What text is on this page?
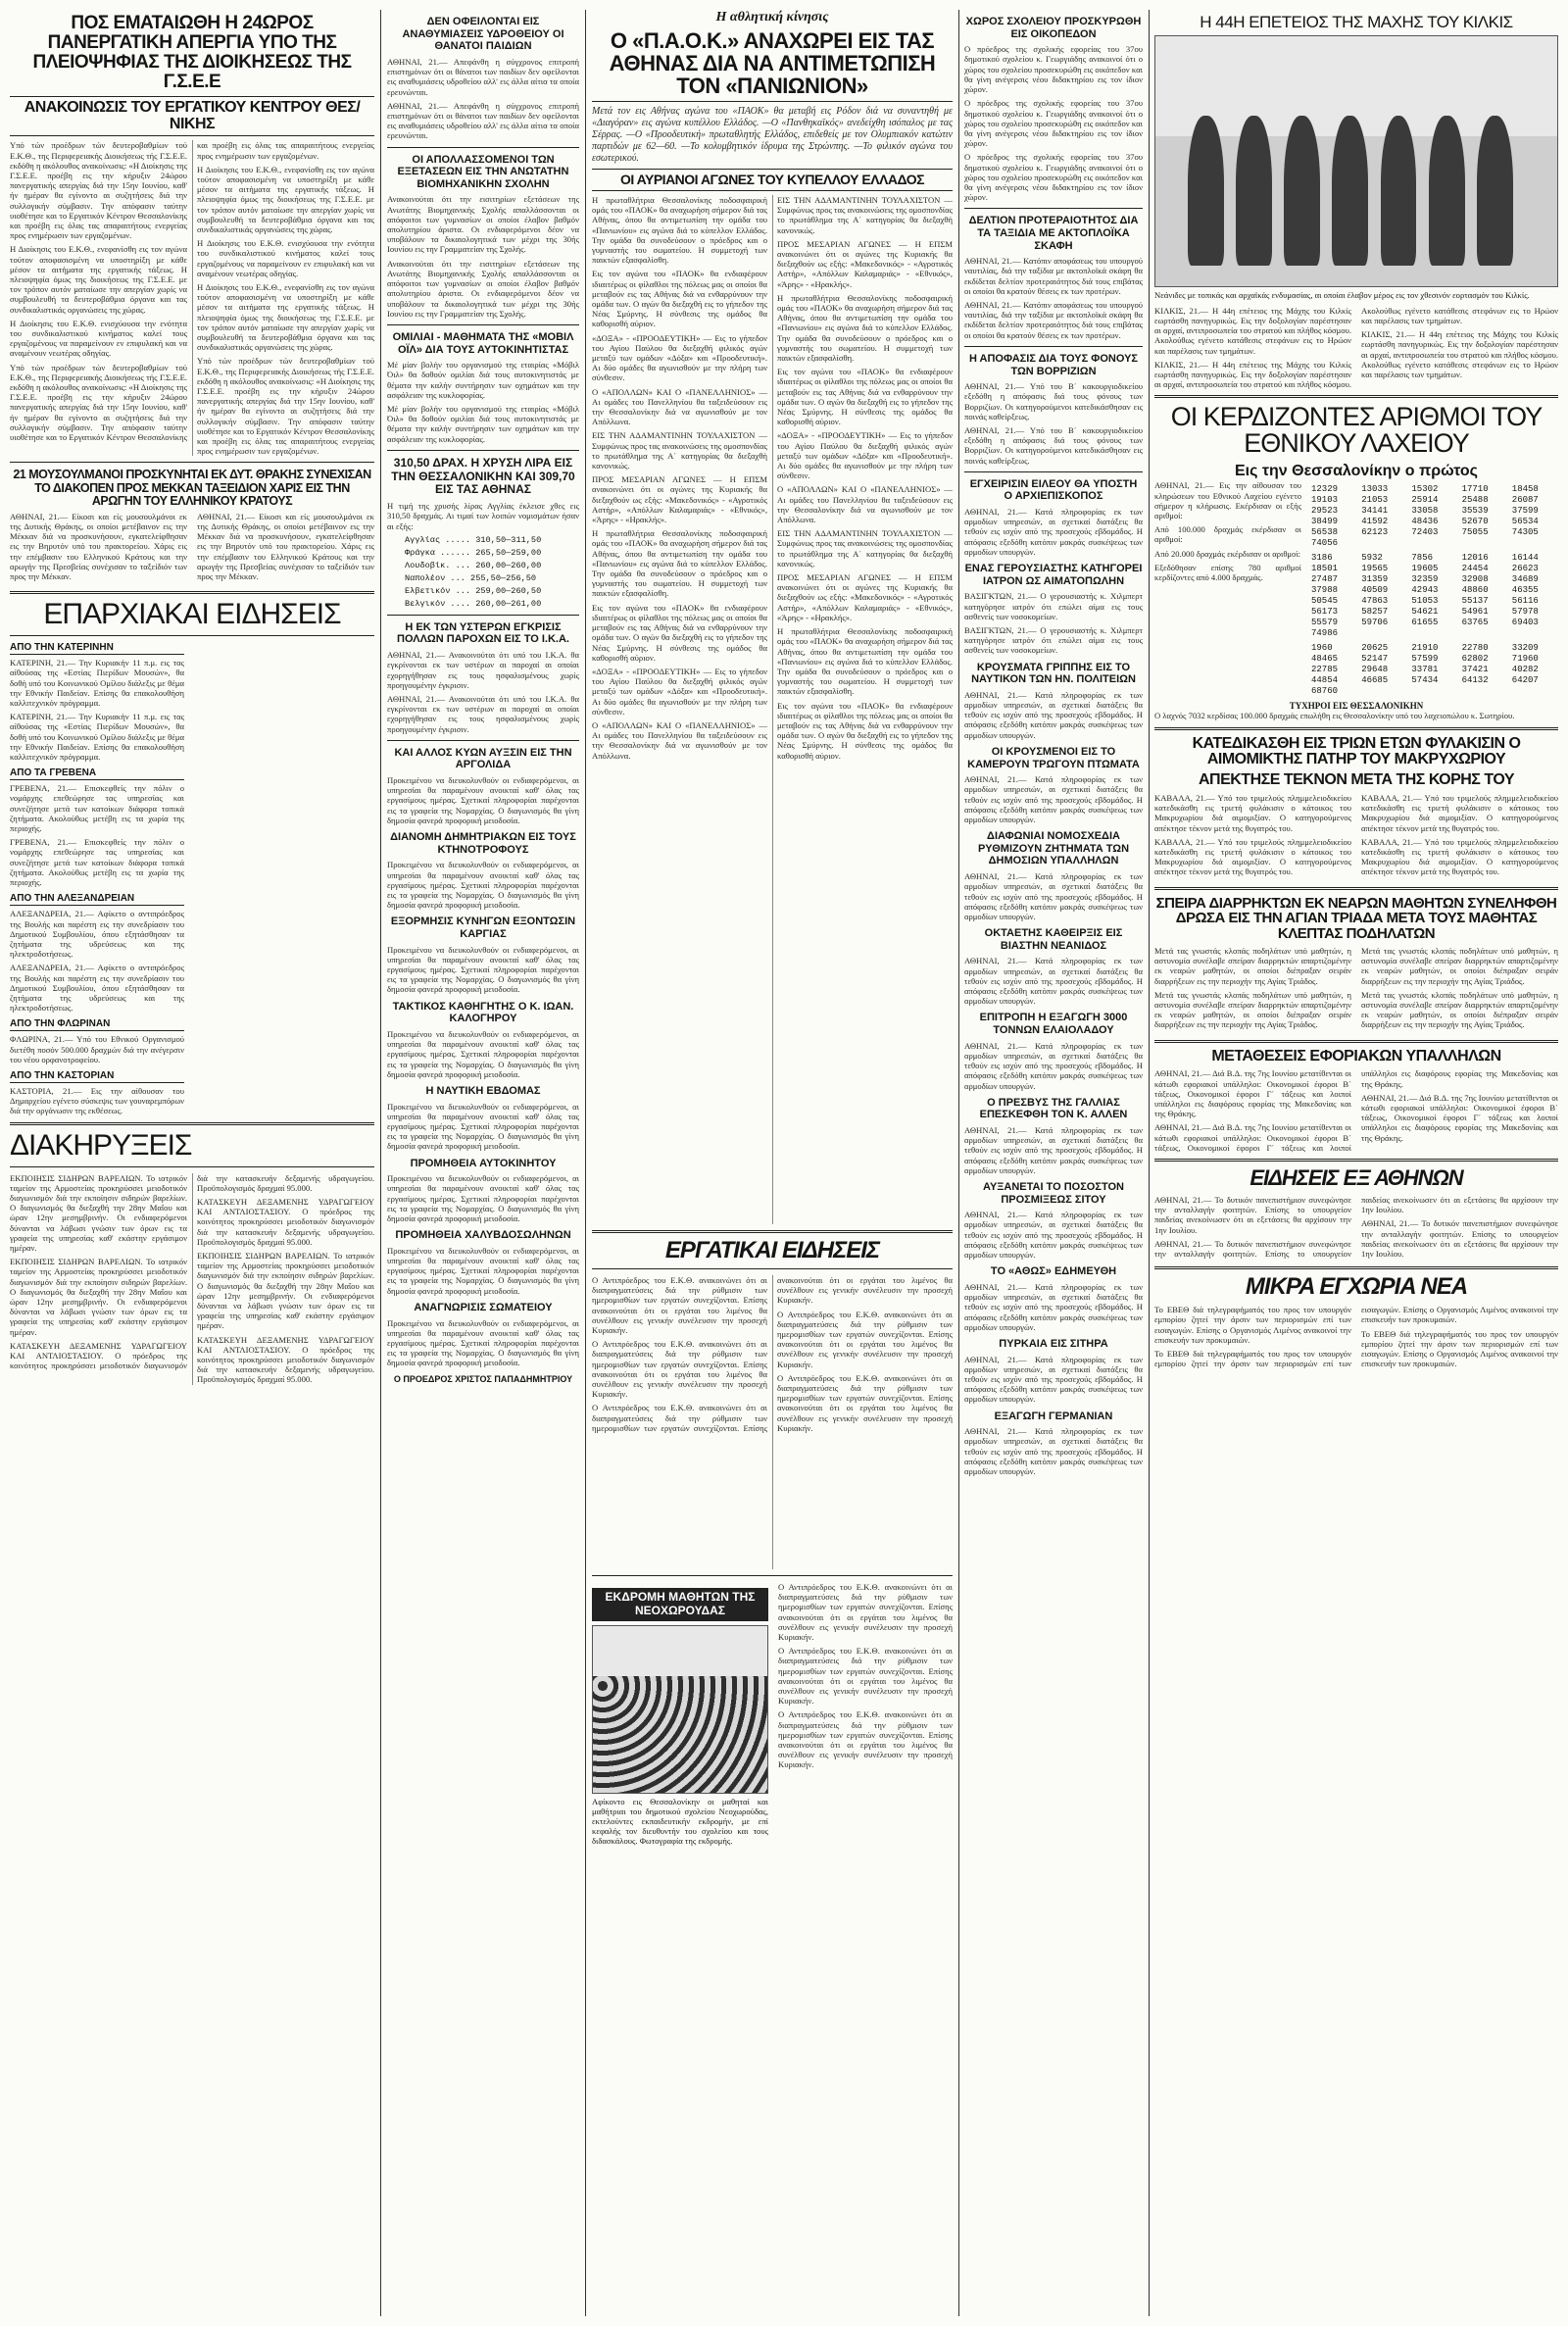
ΠΟΣ ΕΜΑΤΑΙΩΘΗ Η 24ΩΡΟΣ ΠΑΝΕΡΓΑΤΙΚΗ ΑΠΕΡΓΙΑ ΥΠΟ ΤΗΣ ΠΛΕΙΟΨΗΦΙΑΣ ΤΗΣ ΔΙΟΙΚΗΣΕΩΣ ΤΗΣ Γ.Σ.Ε.Ε
ΑΝΑΚΟΙΝΩΣΙΣ ΤΟΥ ΕΡΓΑΤΙΚΟΥ ΚΕΝΤΡΟΥ ΘΕΣ/ΝΙΚΗΣ

Υπό τών προέδρων τών δευτεροβαθμίων τού Ε.Κ.Θ., της Περιφερειακής Διοικήσεως τής Γ.Σ.Ε.Ε. εκδόθη η ακόλουθος ανακοίνωσις: «Η Διοίκησις της Γ.Σ.Ε.Ε. προέβη εις την κήρυξιν 24ώρου πανεργατικής απεργίας διά την 15ην Ιουνίου, καθ' ήν ημέραν θα εγίνοντο αι συζητήσεις διά την συλλογικήν σύμβασιν. Την απόφασιν ταύτην υιοθέτησε και το Εργατικόν Κέντρον Θεσσαλονίκης και προέβη εις όλας τας απαραιτήτους ενεργείας προς ενημέρωσιν των εργαζομένων.

Η Διοίκησις του Ε.Κ.Θ., ενεφανίσθη εις τον αγώνα τούτον αποφασισμένη να υποστηρίξη με κάθε μέσον τα αιτήματα της εργατικής τάξεως. Η πλειοψηφία όμως της διοικήσεως της Γ.Σ.Ε.Ε. με τον τρόπον αυτόν ματαίωσε την απεργίαν χωρίς να συμβουλευθή τα δευτεροβάθμια όργανα και τας συνδικαλιστικάς οργανώσεις της χώρας.

Η Διοίκησις του Ε.Κ.Θ. ενισχύουσα την ενότητα του συνδικαλιστικού κινήματος καλεί τους εργαζομένους να παραμείνουν εν επιφυλακή και να αναμένουν νεωτέρας οδηγίας.

Υπό τών προέδρων τών δευτεροβαθμίων τού Ε.Κ.Θ., της Περιφερειακής Διοικήσεως τής Γ.Σ.Ε.Ε. εκδόθη η ακόλουθος ανακοίνωσις: «Η Διοίκησις της Γ.Σ.Ε.Ε. προέβη εις την κήρυξιν 24ώρου πανεργατικής απεργίας διά την 15ην Ιουνίου, καθ' ήν ημέραν θα εγίνοντο αι συζητήσεις διά την συλλογικήν σύμβασιν. Την απόφασιν ταύτην υιοθέτησε και το Εργατικόν Κέντρον Θεσσαλονίκης και προέβη εις όλας τας απαραιτήτους ενεργείας προς ενημέρωσιν των εργαζομένων.

Η Διοίκησις του Ε.Κ.Θ., ενεφανίσθη εις τον αγώνα τούτον αποφασισμένη να υποστηρίξη με κάθε μέσον τα αιτήματα της εργατικής τάξεως. Η πλειοψηφία όμως της διοικήσεως της Γ.Σ.Ε.Ε. με τον τρόπον αυτόν ματαίωσε την απεργίαν χωρίς να συμβουλευθή τα δευτεροβάθμια όργανα και τας συνδικαλιστικάς οργανώσεις της χώρας.

Η Διοίκησις του Ε.Κ.Θ. ενισχύουσα την ενότητα του συνδικαλιστικού κινήματος καλεί τους εργαζομένους να παραμείνουν εν επιφυλακή και να αναμένουν νεωτέρας οδηγίας.

Η Διοίκησις του Ε.Κ.Θ., ενεφανίσθη εις τον αγώνα τούτον αποφασισμένη να υποστηρίξη με κάθε μέσον τα αιτήματα της εργατικής τάξεως. Η πλειοψηφία όμως της διοικήσεως της Γ.Σ.Ε.Ε. με τον τρόπον αυτόν ματαίωσε την απεργίαν χωρίς να συμβουλευθή τα δευτεροβάθμια όργανα και τας συνδικαλιστικάς οργανώσεις της χώρας.

Υπό τών προέδρων τών δευτεροβαθμίων τού Ε.Κ.Θ., της Περιφερειακής Διοικήσεως τής Γ.Σ.Ε.Ε. εκδόθη η ακόλουθος ανακοίνωσις: «Η Διοίκησις της Γ.Σ.Ε.Ε. προέβη εις την κήρυξιν 24ώρου πανεργατικής απεργίας διά την 15ην Ιουνίου, καθ' ήν ημέραν θα εγίνοντο αι συζητήσεις διά την συλλογικήν σύμβασιν. Την απόφασιν ταύτην υιοθέτησε και το Εργατικόν Κέντρον Θεσσαλονίκης και προέβη εις όλας τας απαραιτήτους ενεργείας προς ενημέρωσιν των εργαζομένων.

21 ΜΟΥΣΟΥΛΜΑΝΟΙ ΠΡΟΣΚΥΝΗΤΑΙ ΕΚ ΔΥΤ. ΘΡΑΚΗΣ ΣΥΝΕΧΙΣΑΝ ΤΟ ΔΙΑΚΟΠΕΝ ΠΡΟΣ ΜΕΚΚΑΝ ΤΑΞΕΙΔΙΟΝ ΧΑΡΙΣ ΕΙΣ ΤΗΝ ΑΡΩΓΗΝ ΤΟΥ ΕΛΛΗΝΙΚΟΥ ΚΡΑΤΟΥΣ

ΑΘΗΝΑΙ, 21.— Είκοσι και είς μουσουλμάνοι εκ της Δυτικής Θράκης, οι οποίοι μετέβαινον εις την Μέκκαν διά να προσκυνήσουν, εγκατελείφθησαν εις την Βηρυτόν υπό του πρακτορείου. Χάρις εις την επέμβασιν του Ελληνικού Κράτους και την αρωγήν της Πρεσβείας συνέχισαν το ταξείδιόν των προς την Μέκκαν.

ΑΘΗΝΑΙ, 21.— Είκοσι και είς μουσουλμάνοι εκ της Δυτικής Θράκης, οι οποίοι μετέβαινον εις την Μέκκαν διά να προσκυνήσουν, εγκατελείφθησαν εις την Βηρυτόν υπό του πρακτορείου. Χάρις εις την επέμβασιν του Ελληνικού Κράτους και την αρωγήν της Πρεσβείας συνέχισαν το ταξείδιόν των προς την Μέκκαν.

ΕΠΑΡΧΙΑΚΑΙ ΕΙΔΗΣΕΙΣ
ΑΠΟ ΤΗΝ ΚΑΤΕΡΙΝΗΝ

ΚΑΤΕΡΙΝΗ, 21.— Την Κυριακήν 11 π.μ. εις τας αίθούσας της «Εστίας Πιερίδων Μουσών», θα δοθή υπό του Κοινωνικού Ομίλου διάλεξις με θέμα την Εθνικήν Παιδείαν. Επίσης θα επακολουθήση καλλιτεχνικόν πρόγραμμα.

ΚΑΤΕΡΙΝΗ, 21.— Την Κυριακήν 11 π.μ. εις τας αίθούσας της «Εστίας Πιερίδων Μουσών», θα δοθή υπό του Κοινωνικού Ομίλου διάλεξις με θέμα την Εθνικήν Παιδείαν. Επίσης θα επακολουθήση καλλιτεχνικόν πρόγραμμα.

ΑΠΟ ΤΑ ΓΡΕΒΕΝΑ

ΓΡΕΒΕΝΑ, 21.— Επισκεφθείς την πόλιν ο νομάρχης επεθεώρησε τας υπηρεσίας και συνεζήτησε μετά των κατοίκων διάφορα τοπικά ζητήματα. Ακολούθως μετέβη εις τα χωρία της περιοχής.

ΓΡΕΒΕΝΑ, 21.— Επισκεφθείς την πόλιν ο νομάρχης επεθεώρησε τας υπηρεσίας και συνεζήτησε μετά των κατοίκων διάφορα τοπικά ζητήματα. Ακολούθως μετέβη εις τα χωρία της περιοχής.

ΑΠΟ ΤΗΝ ΑΛΕΞΑΝΔΡΕΙΑΝ

ΑΛΕΞΑΝΔΡΕΙΑ, 21.— Αφίκετο ο αντιπρόεδρος της Βουλής και παρέστη εις την συνεδρίασιν του Δημοτικού Συμβουλίου, όπου εξητάσθησαν τα ζητήματα της υδρεύσεως και της ηλεκτροδοτήσεως.

ΑΛΕΞΑΝΔΡΕΙΑ, 21.— Αφίκετο ο αντιπρόεδρος της Βουλής και παρέστη εις την συνεδρίασιν του Δημοτικού Συμβουλίου, όπου εξητάσθησαν τα ζητήματα της υδρεύσεως και της ηλεκτροδοτήσεως.

ΑΠΟ ΤΗΝ ΦΛΩΡΙΝΑΝ

ΦΛΩΡΙΝΑ, 21.— Υπό του Εθνικού Οργανισμού διετέθη ποσόν 500.000 δραχμών διά την ανέγερσιν του νέου ορφανοτροφείου.

ΑΠΟ ΤΗΝ ΚΑΣΤΟΡΙΑΝ

ΚΑΣΤΟΡΙΑ, 21.— Εις την αίθουσαν του Δημαρχείου εγένετο σύσκεψις των γουναρεμπόρων διά την οργάνωσιν της εκθέσεως.

ΔΙΑΚΗΡΥΞΕΙΣ

ΕΚΠΟΙΗΣΙΣ ΣΙΔΗΡΩΝ ΒΑΡΕΛΙΩΝ. Το ιατρικόν ταμείον της Αρμοστείας προκηρύσσει μειοδοτικόν διαγωνισμόν διά την εκποίησιν σιδηρών βαρελίων. Ο διαγωνισμός θα διεξαχθή την 28ην Μαΐου και ώραν 12ην μεσημβρινήν. Οι ενδιαφερόμενοι δύνανται να λάβωσι γνώσιν των όρων εις τα γραφεία της υπηρεσίας καθ' εκάστην εργάσιμον ημέραν.

ΕΚΠΟΙΗΣΙΣ ΣΙΔΗΡΩΝ ΒΑΡΕΛΙΩΝ. Το ιατρικόν ταμείον της Αρμοστείας προκηρύσσει μειοδοτικόν διαγωνισμόν διά την εκποίησιν σιδηρών βαρελίων. Ο διαγωνισμός θα διεξαχθή την 28ην Μαΐου και ώραν 12ην μεσημβρινήν. Οι ενδιαφερόμενοι δύνανται να λάβωσι γνώσιν των όρων εις τα γραφεία της υπηρεσίας καθ' εκάστην εργάσιμον ημέραν.

ΚΑΤΑΣΚΕΥΗ ΔΕΞΑΜΕΝΗΣ ΥΔΡΑΓΩΓΕΙΟΥ ΚΑΙ ΑΝΤΛΙΟΣΤΑΣΙΟΥ. Ο πρόεδρος της κοινότητος προκηρύσσει μειοδοτικόν διαγωνισμόν διά την κατασκευήν δεξαμενής υδραγωγείου. Προϋπολογισμός δραχμαί 95.000.

ΚΑΤΑΣΚΕΥΗ ΔΕΞΑΜΕΝΗΣ ΥΔΡΑΓΩΓΕΙΟΥ ΚΑΙ ΑΝΤΛΙΟΣΤΑΣΙΟΥ. Ο πρόεδρος της κοινότητος προκηρύσσει μειοδοτικόν διαγωνισμόν διά την κατασκευήν δεξαμενής υδραγωγείου. Προϋπολογισμός δραχμαί 95.000.

ΕΚΠΟΙΗΣΙΣ ΣΙΔΗΡΩΝ ΒΑΡΕΛΙΩΝ. Το ιατρικόν ταμείον της Αρμοστείας προκηρύσσει μειοδοτικόν διαγωνισμόν διά την εκποίησιν σιδηρών βαρελίων. Ο διαγωνισμός θα διεξαχθή την 28ην Μαΐου και ώραν 12ην μεσημβρινήν. Οι ενδιαφερόμενοι δύνανται να λάβωσι γνώσιν των όρων εις τα γραφεία της υπηρεσίας καθ' εκάστην εργάσιμον ημέραν.

ΚΑΤΑΣΚΕΥΗ ΔΕΞΑΜΕΝΗΣ ΥΔΡΑΓΩΓΕΙΟΥ ΚΑΙ ΑΝΤΛΙΟΣΤΑΣΙΟΥ. Ο πρόεδρος της κοινότητος προκηρύσσει μειοδοτικόν διαγωνισμόν διά την κατασκευήν δεξαμενής υδραγωγείου. Προϋπολογισμός δραχμαί 95.000.

ΔΕΝ ΟΦΕΙΛΟΝΤΑΙ ΕΙΣ ΑΝΑΘΥΜΙΑΣΕΙΣ ΥΔΡΟΘΕΙΟΥ ΟΙ ΘΑΝΑΤΟΙ ΠΑΙΔΙΩΝ

ΑΘΗΝΑΙ, 21.— Απεφάνθη η σύγχρονος επιτροπή επιστημόνων ότι οι θάνατοι των παιδίων δεν οφείλονται εις αναθυμιάσεις υδροθείου αλλ' εις άλλα αίτια τα οποία ερευνώνται.

ΑΘΗΝΑΙ, 21.— Απεφάνθη η σύγχρονος επιτροπή επιστημόνων ότι οι θάνατοι των παιδίων δεν οφείλονται εις αναθυμιάσεις υδροθείου αλλ' εις άλλα αίτια τα οποία ερευνώνται.

ΟΙ ΑΠΟΛΛΑΣΣΟΜΕΝΟΙ ΤΩΝ ΕΞΕΤΑΣΕΩΝ ΕΙΣ ΤΗΝ ΑΝΩΤΑΤΗΝ ΒΙΟΜΗΧΑΝΙΚΗΝ ΣΧΟΛΗΝ

Ανακοινούται ότι την εισιτηρίων εξετάσεων της Ανωτάτης Βιομηχανικής Σχολής απαλλάσσονται οι απόφοιτοι των γυμνασίων οι οποίοι έλαβον βαθμόν απολυτηρίου άριστα. Οι ενδιαφερόμενοι δέον να υποβάλουν τα δικαιολογητικά των μέχρι της 30ής Ιουνίου εις την Γραμματείαν της Σχολής.

Ανακοινούται ότι την εισιτηρίων εξετάσεων της Ανωτάτης Βιομηχανικής Σχολής απαλλάσσονται οι απόφοιτοι των γυμνασίων οι οποίοι έλαβον βαθμόν απολυτηρίου άριστα. Οι ενδιαφερόμενοι δέον να υποβάλουν τα δικαιολογητικά των μέχρι της 30ής Ιουνίου εις την Γραμματείαν της Σχολής.

ΟΜΙΛΙΑΙ - ΜΑΘΗΜΑΤΑ ΤΗΣ «ΜΟΒΙΛ ΟΪΛ» ΔΙΑ ΤΟΥΣ ΑΥΤΟΚΙΝΗΤΙΣΤΑΣ

Μέ μίαν βολήν του οργανισμού της εταιρίας «Μόβιλ Όιλ» θα δοθούν ομιλίαι διά τους αυτοκινητιστάς με θέματα την καλήν συντήρησιν των οχημάτων και την ασφάλειαν της κυκλοφορίας.

Μέ μίαν βολήν του οργανισμού της εταιρίας «Μόβιλ Όιλ» θα δοθούν ομιλίαι διά τους αυτοκινητιστάς με θέματα την καλήν συντήρησιν των οχημάτων και την ασφάλειαν της κυκλοφορίας.

310,50 ΔΡΑΧ. Η ΧΡΥΣΗ ΛΙΡΑ ΕΙΣ ΤΗΝ ΘΕΣΣΑΛΟΝΙΚΗΝ ΚΑΙ 309,70 ΕΙΣ ΤΑΣ ΑΘΗΝΑΣ

Η τιμή της χρυσής λίρας Αγγλίας έκλεισε χθες εις 310,50 δραχμάς. Αι τιμαί των λοιπών νομισμάτων ήσαν αι εξής:

Αγγλίας ..... 310,50—311,50
Φράγκα ...... 265,50—259,00
Λουδοβίκ. ... 260,00—260,00
Ναπολέον ... 255,50—256,50
Ελβετικόν ... 259,00—260,50
Βελγικόν .... 260,00—261,00
Η ΕΚ ΤΩΝ ΥΣΤΕΡΩΝ ΕΓΚΡΙΣΙΣ ΠΟΛΛΩΝ ΠΑΡΟΧΩΝ ΕΙΣ ΤΟ Ι.Κ.Α.

ΑΘΗΝΑΙ, 21.— Ανακοινούται ότι υπό του Ι.Κ.Α. θα εγκρίνονται εκ των υστέρων αι παροχαί αι οποίαι εχορηγήθησαν εις τους ησφαλισμένους χωρίς προηγουμένην έγκρισιν.

ΑΘΗΝΑΙ, 21.— Ανακοινούται ότι υπό του Ι.Κ.Α. θα εγκρίνονται εκ των υστέρων αι παροχαί αι οποίαι εχορηγήθησαν εις τους ησφαλισμένους χωρίς προηγουμένην έγκρισιν.

ΚΑΙ ΑΛΛΟΣ ΚΥΩΝ ΑΥΞΣΙΝ ΕΙΣ ΤΗΝ ΑΡΓΟΛΙΔΑ

Προκειμένου να διευκολυνθούν οι ενδιαφερόμενοι, αι υπηρεσίαι θα παραμένουν ανοικταί καθ' όλας τας εργασίμους ημέρας. Σχετικαί πληροφορίαι παρέχονται εις τα γραφεία της Νομαρχίας. Ο διαγωνισμός θα γίνη δημοσία φανερά προφορική μειοδοσία.

ΔΙΑΝΟΜΗ ΔΗΜΗΤΡΙΑΚΩΝ ΕΙΣ ΤΟΥΣ ΚΤΗΝΟΤΡΟΦΟΥΣ

Προκειμένου να διευκολυνθούν οι ενδιαφερόμενοι, αι υπηρεσίαι θα παραμένουν ανοικταί καθ' όλας τας εργασίμους ημέρας. Σχετικαί πληροφορίαι παρέχονται εις τα γραφεία της Νομαρχίας. Ο διαγωνισμός θα γίνη δημοσία φανερά προφορική μειοδοσία.

ΕΞΟΡΜΗΣΙΣ ΚΥΝΗΓΩΝ ΕΞΟΝΤΩΣΙΝ ΚΑΡΓΙΑΣ

Προκειμένου να διευκολυνθούν οι ενδιαφερόμενοι, αι υπηρεσίαι θα παραμένουν ανοικταί καθ' όλας τας εργασίμους ημέρας. Σχετικαί πληροφορίαι παρέχονται εις τα γραφεία της Νομαρχίας. Ο διαγωνισμός θα γίνη δημοσία φανερά προφορική μειοδοσία.

ΤΑΚΤΙΚΟΣ ΚΑΘΗΓΗΤΗΣ Ο Κ. ΙΩΑΝ. ΚΑΛΟΓΗΡΟΥ

Προκειμένου να διευκολυνθούν οι ενδιαφερόμενοι, αι υπηρεσίαι θα παραμένουν ανοικταί καθ' όλας τας εργασίμους ημέρας. Σχετικαί πληροφορίαι παρέχονται εις τα γραφεία της Νομαρχίας. Ο διαγωνισμός θα γίνη δημοσία φανερά προφορική μειοδοσία.

Η ΝΑΥΤΙΚΗ ΕΒΔΟΜΑΣ

Προκειμένου να διευκολυνθούν οι ενδιαφερόμενοι, αι υπηρεσίαι θα παραμένουν ανοικταί καθ' όλας τας εργασίμους ημέρας. Σχετικαί πληροφορίαι παρέχονται εις τα γραφεία της Νομαρχίας. Ο διαγωνισμός θα γίνη δημοσία φανερά προφορική μειοδοσία.

ΠΡΟΜΗΘΕΙΑ ΑΥΤΟΚΙΝΗΤΟΥ

Προκειμένου να διευκολυνθούν οι ενδιαφερόμενοι, αι υπηρεσίαι θα παραμένουν ανοικταί καθ' όλας τας εργασίμους ημέρας. Σχετικαί πληροφορίαι παρέχονται εις τα γραφεία της Νομαρχίας. Ο διαγωνισμός θα γίνη δημοσία φανερά προφορική μειοδοσία.

ΠΡΟΜΗΘΕΙΑ ΧΑΛΥΒΔΟΣΩΛΗΝΩΝ

Προκειμένου να διευκολυνθούν οι ενδιαφερόμενοι, αι υπηρεσίαι θα παραμένουν ανοικταί καθ' όλας τας εργασίμους ημέρας. Σχετικαί πληροφορίαι παρέχονται εις τα γραφεία της Νομαρχίας. Ο διαγωνισμός θα γίνη δημοσία φανερά προφορική μειοδοσία.

ΑΝΑΓΝΩΡΙΣΙΣ ΣΩΜΑΤΕΙΟΥ

Προκειμένου να διευκολυνθούν οι ενδιαφερόμενοι, αι υπηρεσίαι θα παραμένουν ανοικταί καθ' όλας τας εργασίμους ημέρας. Σχετικαί πληροφορίαι παρέχονται εις τα γραφεία της Νομαρχίας. Ο διαγωνισμός θα γίνη δημοσία φανερά προφορική μειοδοσία.

Ο ΠΡΟΕΔΡΟΣ ΧΡΙΣΤΟΣ ΠΑΠΑΔΗΜΗΤΡΙΟΥ
Η αθλητική κίνησις
Ο «Π.Α.Ο.Κ.» ΑΝΑΧΩΡΕΙ ΕΙΣ ΤΑΣ ΑΘΗΝΑΣ ΔΙΑ ΝΑ ΑΝΤΙΜΕΤΩΠΙΣΗ ΤΟΝ «ΠΑΝΙΩΝΙΟΝ»

Μετά τον εις Αθήνας αγώνα του «ΠΑΟΚ» θα μεταβή εις Ρόδον διά να συναντηθή με «Διαγόραν» εις αγώνα κυπέλλου Ελλάδος. —Ο «Πανθηκαϊκός» ανεδείχθη ισόπαλος με τας Σέρρας. —Ο «Προοδευτική» πρωταθλητής Ελλάδος, επιδεθείς με τον Ολυμπιακόν κατώτιν παρτιδών με 62—60. —Το κολυμβητικόν ίδρυμα της Στρώνπης. —Το φιλικόν αγώνα του εσωτερικού.

ΟΙ ΑΥΡΙΑΝΟΙ ΑΓΩΝΕΣ ΤΟΥ ΚΥΠΕΛΛΟΥ ΕΛΛΑΔΟΣ

Η πρωταθλήτρια Θεσσαλονίκης ποδοσφαιρική ομάς του «ΠΑΟΚ» θα αναχωρήση σήμερον διά τας Αθήνας, όπου θα αντιμετωπίση την ομάδα του «Πανιωνίου» εις αγώνα διά το κύπελλον Ελλάδος. Την ομάδα θα συνοδεύσουν ο πρόεδρος και ο γυμναστής του σωματείου. Η συμμετοχή των παικτών εξασφαλίσθη.

Εις τον αγώνα του «ΠΑΟΚ» θα ενδιαφέρουν ιδιαιτέρως οι φίλαθλοι της πόλεως μας οι οποίοι θα μεταβούν εις τας Αθήνας διά να ενθαρρύνουν την ομάδα των. Ο αγών θα διεξαχθή εις το γήπεδον της Νέας Σμύρνης. Η σύνθεσις της ομάδος θα καθορισθή αύριον.

«ΔΟΞΑ» - «ΠΡΟΟΔΕΥΤΙΚΗ» — Εις το γήπεδον του Αγίου Παύλου θα διεξαχθή φιλικός αγών μεταξύ των ομάδων «Δόξα» και «Προοδευτική». Αι δύο ομάδες θα αγωνισθούν με την πλήρη των σύνθεσιν.

Ο «ΑΠΟΛΛΩΝ» ΚΑΙ Ο «ΠΑΝΕΛΛΗΝΙΟΣ» — Αι ομάδες του Πανελληνίου θα ταξειδεύσουν εις την Θεσσαλονίκην διά να αγωνισθούν με τον Απόλλωνα.

ΕΙΣ ΤΗΝ ΑΔΑΜΑΝΤΙΝΗΝ ΤΟΥΛΑΧΙΣΤΟΝ — Συμφώνως προς τας ανακοινώσεις της ομοσπονδίας το πρωτάθλημα της Α΄ κατηγορίας θα διεξαχθή κανονικώς.

ΠΡΟΣ ΜΕΣΑΡΙΑΝ ΑΓΩΝΕΣ — Η ΕΠΣΜ ανακοινώνει ότι οι αγώνες της Κυριακής θα διεξαχθούν ως εξής: «Μακεδονικός» - «Αγροτικός Αστήρ», «Απόλλων Καλαμαριάς» - «Εθνικός», «Άρης» - «Ηρακλής».

Η πρωταθλήτρια Θεσσαλονίκης ποδοσφαιρική ομάς του «ΠΑΟΚ» θα αναχωρήση σήμερον διά τας Αθήνας, όπου θα αντιμετωπίση την ομάδα του «Πανιωνίου» εις αγώνα διά το κύπελλον Ελλάδος. Την ομάδα θα συνοδεύσουν ο πρόεδρος και ο γυμναστής του σωματείου. Η συμμετοχή των παικτών εξασφαλίσθη.

Εις τον αγώνα του «ΠΑΟΚ» θα ενδιαφέρουν ιδιαιτέρως οι φίλαθλοι της πόλεως μας οι οποίοι θα μεταβούν εις τας Αθήνας διά να ενθαρρύνουν την ομάδα των. Ο αγών θα διεξαχθή εις το γήπεδον της Νέας Σμύρνης. Η σύνθεσις της ομάδος θα καθορισθή αύριον.

«ΔΟΞΑ» - «ΠΡΟΟΔΕΥΤΙΚΗ» — Εις το γήπεδον του Αγίου Παύλου θα διεξαχθή φιλικός αγών μεταξύ των ομάδων «Δόξα» και «Προοδευτική». Αι δύο ομάδες θα αγωνισθούν με την πλήρη των σύνθεσιν.

Ο «ΑΠΟΛΛΩΝ» ΚΑΙ Ο «ΠΑΝΕΛΛΗΝΙΟΣ» — Αι ομάδες του Πανελληνίου θα ταξειδεύσουν εις την Θεσσαλονίκην διά να αγωνισθούν με τον Απόλλωνα.

ΕΙΣ ΤΗΝ ΑΔΑΜΑΝΤΙΝΗΝ ΤΟΥΛΑΧΙΣΤΟΝ — Συμφώνως προς τας ανακοινώσεις της ομοσπονδίας το πρωτάθλημα της Α΄ κατηγορίας θα διεξαχθή κανονικώς.

ΠΡΟΣ ΜΕΣΑΡΙΑΝ ΑΓΩΝΕΣ — Η ΕΠΣΜ ανακοινώνει ότι οι αγώνες της Κυριακής θα διεξαχθούν ως εξής: «Μακεδονικός» - «Αγροτικός Αστήρ», «Απόλλων Καλαμαριάς» - «Εθνικός», «Άρης» - «Ηρακλής».

Η πρωταθλήτρια Θεσσαλονίκης ποδοσφαιρική ομάς του «ΠΑΟΚ» θα αναχωρήση σήμερον διά τας Αθήνας, όπου θα αντιμετωπίση την ομάδα του «Πανιωνίου» εις αγώνα διά το κύπελλον Ελλάδος. Την ομάδα θα συνοδεύσουν ο πρόεδρος και ο γυμναστής του σωματείου. Η συμμετοχή των παικτών εξασφαλίσθη.

Εις τον αγώνα του «ΠΑΟΚ» θα ενδιαφέρουν ιδιαιτέρως οι φίλαθλοι της πόλεως μας οι οποίοι θα μεταβούν εις τας Αθήνας διά να ενθαρρύνουν την ομάδα των. Ο αγών θα διεξαχθή εις το γήπεδον της Νέας Σμύρνης. Η σύνθεσις της ομάδος θα καθορισθή αύριον.

«ΔΟΞΑ» - «ΠΡΟΟΔΕΥΤΙΚΗ» — Εις το γήπεδον του Αγίου Παύλου θα διεξαχθή φιλικός αγών μεταξύ των ομάδων «Δόξα» και «Προοδευτική». Αι δύο ομάδες θα αγωνισθούν με την πλήρη των σύνθεσιν.

Ο «ΑΠΟΛΛΩΝ» ΚΑΙ Ο «ΠΑΝΕΛΛΗΝΙΟΣ» — Αι ομάδες του Πανελληνίου θα ταξειδεύσουν εις την Θεσσαλονίκην διά να αγωνισθούν με τον Απόλλωνα.

ΕΙΣ ΤΗΝ ΑΔΑΜΑΝΤΙΝΗΝ ΤΟΥΛΑΧΙΣΤΟΝ — Συμφώνως προς τας ανακοινώσεις της ομοσπονδίας το πρωτάθλημα της Α΄ κατηγορίας θα διεξαχθή κανονικώς.

ΠΡΟΣ ΜΕΣΑΡΙΑΝ ΑΓΩΝΕΣ — Η ΕΠΣΜ ανακοινώνει ότι οι αγώνες της Κυριακής θα διεξαχθούν ως εξής: «Μακεδονικός» - «Αγροτικός Αστήρ», «Απόλλων Καλαμαριάς» - «Εθνικός», «Άρης» - «Ηρακλής».

Η πρωταθλήτρια Θεσσαλονίκης ποδοσφαιρική ομάς του «ΠΑΟΚ» θα αναχωρήση σήμερον διά τας Αθήνας, όπου θα αντιμετωπίση την ομάδα του «Πανιωνίου» εις αγώνα διά το κύπελλον Ελλάδος. Την ομάδα θα συνοδεύσουν ο πρόεδρος και ο γυμναστής του σωματείου. Η συμμετοχή των παικτών εξασφαλίσθη.

Εις τον αγώνα του «ΠΑΟΚ» θα ενδιαφέρουν ιδιαιτέρως οι φίλαθλοι της πόλεως μας οι οποίοι θα μεταβούν εις τας Αθήνας διά να ενθαρρύνουν την ομάδα των. Ο αγών θα διεξαχθή εις το γήπεδον της Νέας Σμύρνης. Η σύνθεσις της ομάδος θα καθορισθή αύριον.

ΕΡΓΑΤΙΚΑΙ ΕΙΔΗΣΕΙΣ

Ο Αντιπρόεδρος του Ε.Κ.Θ. ανακοινώνει ότι αι διαπραγματεύσεις διά την ρύθμισιν των ημερομισθίων των εργατών συνεχίζονται. Επίσης ανακοινούται ότι οι εργάται του λιμένος θα συνέλθουν εις γενικήν συνέλευσιν την προσεχή Κυριακήν.

Ο Αντιπρόεδρος του Ε.Κ.Θ. ανακοινώνει ότι αι διαπραγματεύσεις διά την ρύθμισιν των ημερομισθίων των εργατών συνεχίζονται. Επίσης ανακοινούται ότι οι εργάται του λιμένος θα συνέλθουν εις γενικήν συνέλευσιν την προσεχή Κυριακήν.

Ο Αντιπρόεδρος του Ε.Κ.Θ. ανακοινώνει ότι αι διαπραγματεύσεις διά την ρύθμισιν των ημερομισθίων των εργατών συνεχίζονται. Επίσης ανακοινούται ότι οι εργάται του λιμένος θα συνέλθουν εις γενικήν συνέλευσιν την προσεχή Κυριακήν.

Ο Αντιπρόεδρος του Ε.Κ.Θ. ανακοινώνει ότι αι διαπραγματεύσεις διά την ρύθμισιν των ημερομισθίων των εργατών συνεχίζονται. Επίσης ανακοινούται ότι οι εργάται του λιμένος θα συνέλθουν εις γενικήν συνέλευσιν την προσεχή Κυριακήν.

Ο Αντιπρόεδρος του Ε.Κ.Θ. ανακοινώνει ότι αι διαπραγματεύσεις διά την ρύθμισιν των ημερομισθίων των εργατών συνεχίζονται. Επίσης ανακοινούται ότι οι εργάται του λιμένος θα συνέλθουν εις γενικήν συνέλευσιν την προσεχή Κυριακήν.

ΕΚΔΡΟΜΗ ΜΑΘΗΤΩΝ ΤΗΣ ΝΕΟΧΩΡΟΥΔΑΣ

Αφίκοντο εις Θεσσαλονίκην οι μαθηταί και μαθήτριαι του δημοτικού σχολείου Νεοχωρούδας, εκτελούντες εκπαιδευτικήν εκδρομήν, με επί κεφαλής τον διευθυντήν του σχολείου και τους διδασκάλους. Φωτογραφία της εκδρομής.

Ο Αντιπρόεδρος του Ε.Κ.Θ. ανακοινώνει ότι αι διαπραγματεύσεις διά την ρύθμισιν των ημερομισθίων των εργατών συνεχίζονται. Επίσης ανακοινούται ότι οι εργάται του λιμένος θα συνέλθουν εις γενικήν συνέλευσιν την προσεχή Κυριακήν.

Ο Αντιπρόεδρος του Ε.Κ.Θ. ανακοινώνει ότι αι διαπραγματεύσεις διά την ρύθμισιν των ημερομισθίων των εργατών συνεχίζονται. Επίσης ανακοινούται ότι οι εργάται του λιμένος θα συνέλθουν εις γενικήν συνέλευσιν την προσεχή Κυριακήν.

Ο Αντιπρόεδρος του Ε.Κ.Θ. ανακοινώνει ότι αι διαπραγματεύσεις διά την ρύθμισιν των ημερομισθίων των εργατών συνεχίζονται. Επίσης ανακοινούται ότι οι εργάται του λιμένος θα συνέλθουν εις γενικήν συνέλευσιν την προσεχή Κυριακήν.

ΧΩΡΟΣ ΣΧΟΛΕΙΟΥ ΠΡΟΣΚΥΡΩΘΗ ΕΙΣ ΟΙΚΟΠΕΔΟΝ

Ο πρόεδρος της σχολικής εφορείας του 37ου δημοτικού σχολείου κ. Γεωργιάδης ανακοινοί ότι ο χώρος του σχολείου προσεκυρώθη εις οικόπεδον και θα γίνη ανέγερσις νέου διδακτηρίου εις τον ίδιον χώρον.

Ο πρόεδρος της σχολικής εφορείας του 37ου δημοτικού σχολείου κ. Γεωργιάδης ανακοινοί ότι ο χώρος του σχολείου προσεκυρώθη εις οικόπεδον και θα γίνη ανέγερσις νέου διδακτηρίου εις τον ίδιον χώρον.

Ο πρόεδρος της σχολικής εφορείας του 37ου δημοτικού σχολείου κ. Γεωργιάδης ανακοινοί ότι ο χώρος του σχολείου προσεκυρώθη εις οικόπεδον και θα γίνη ανέγερσις νέου διδακτηρίου εις τον ίδιον χώρον.

ΔΕΛΤΙΟΝ ΠΡΟΤΕΡΑΙΟΤΗΤΟΣ ΔΙΑ ΤΑ ΤΑΞΙΔΙΑ ΜΕ ΑΚΤΟΠΛΟΪΚΑ ΣΚΑΦΗ

ΑΘΗΝΑΙ, 21.— Κατόπιν αποφάσεως του υπουργού ναυτιλίας, διά την ταξίδια με ακτοπλοϊκά σκάφη θα εκδίδεται δελτίον προτεραιότητος διά τους επιβάτας οι οποίοι θα κρατούν θέσεις εκ των προτέρων.

ΑΘΗΝΑΙ, 21.— Κατόπιν αποφάσεως του υπουργού ναυτιλίας, διά την ταξίδια με ακτοπλοϊκά σκάφη θα εκδίδεται δελτίον προτεραιότητος διά τους επιβάτας οι οποίοι θα κρατούν θέσεις εκ των προτέρων.

Η ΑΠΟΦΑΣΙΣ ΔΙΑ ΤΟΥΣ ΦΟΝΟΥΣ ΤΩΝ ΒΟΡΡΙΖΙΩΝ

ΑΘΗΝΑΙ, 21.— Υπό του Β΄ κακουργιοδικείου εξεδόθη η απόφασις διά τους φόνους των Βορριζίων. Οι κατηγορούμενοι κατεδικάσθησαν εις ποινάς καθείρξεως.

ΑΘΗΝΑΙ, 21.— Υπό του Β΄ κακουργιοδικείου εξεδόθη η απόφασις διά τους φόνους των Βορριζίων. Οι κατηγορούμενοι κατεδικάσθησαν εις ποινάς καθείρξεως.

ΕΓΧΕΙΡΙΣΙΝ ΕΙΛΕΟΥ ΘΑ ΥΠΟΣΤΗ Ο ΑΡΧΙΕΠΙΣΚΟΠΟΣ

ΑΘΗΝΑΙ, 21.— Κατά πληροφορίας εκ των αρμοδίων υπηρεσιών, αι σχετικαί διατάξεις θα τεθούν εις ισχύν από της προσεχούς εβδομάδος. Η απόφασις εξεδόθη κατόπιν μακράς συσκέψεως των αρμοδίων υπουργών.

ΕΝΑΣ ΓΕΡΟΥΣΙΑΣΤΗΣ ΚΑΤΗΓΟΡΕΙ ΙΑΤΡΟΝ ΩΣ ΑΙΜΑΤΟΠΩΛΗΝ

ΒΑΣΙΓΚΤΩΝ, 21.— Ο γερουσιαστής κ. Χιλμπερτ κατηγόρησε ιατρόν ότι επώλει αίμα εις τους ασθενείς των νοσοκομείων.

ΒΑΣΙΓΚΤΩΝ, 21.— Ο γερουσιαστής κ. Χιλμπερτ κατηγόρησε ιατρόν ότι επώλει αίμα εις τους ασθενείς των νοσοκομείων.

ΚΡΟΥΣΜΑΤΑ ΓΡΙΠΠΗΣ ΕΙΣ ΤΟ ΝΑΥΤΙΚΟΝ ΤΩΝ ΗΝ. ΠΟΛΙΤΕΙΩΝ

ΑΘΗΝΑΙ, 21.— Κατά πληροφορίας εκ των αρμοδίων υπηρεσιών, αι σχετικαί διατάξεις θα τεθούν εις ισχύν από της προσεχούς εβδομάδος. Η απόφασις εξεδόθη κατόπιν μακράς συσκέψεως των αρμοδίων υπουργών.

ΟΙ ΚΡΟΥΣΜΕΝΟΙ ΕΙΣ ΤΟ ΚΑΜΕΡΟΥΝ ΤΡΩΓΟΥΝ ΠΤΩΜΑΤΑ

ΑΘΗΝΑΙ, 21.— Κατά πληροφορίας εκ των αρμοδίων υπηρεσιών, αι σχετικαί διατάξεις θα τεθούν εις ισχύν από της προσεχούς εβδομάδος. Η απόφασις εξεδόθη κατόπιν μακράς συσκέψεως των αρμοδίων υπουργών.

ΔΙΑΦΩΝΙΑΙ ΝΟΜΟΣΧΕΔΙΑ ΡΥΘΜΙΖΟΥΝ ΖΗΤΗΜΑΤΑ ΤΩΝ ΔΗΜΟΣΙΩΝ ΥΠΑΛΛΗΛΩΝ

ΑΘΗΝΑΙ, 21.— Κατά πληροφορίας εκ των αρμοδίων υπηρεσιών, αι σχετικαί διατάξεις θα τεθούν εις ισχύν από της προσεχούς εβδομάδος. Η απόφασις εξεδόθη κατόπιν μακράς συσκέψεως των αρμοδίων υπουργών.

ΟΚΤΑΕΤΗΣ ΚΑΘΕΙΡΞΙΣ ΕΙΣ ΒΙΑΣΤΗΝ ΝΕΑΝΙΔΟΣ

ΑΘΗΝΑΙ, 21.— Κατά πληροφορίας εκ των αρμοδίων υπηρεσιών, αι σχετικαί διατάξεις θα τεθούν εις ισχύν από της προσεχούς εβδομάδος. Η απόφασις εξεδόθη κατόπιν μακράς συσκέψεως των αρμοδίων υπουργών.

ΕΠΙΤΡΟΠΗ Η ΕΞΑΓΩΓΗ 3000 ΤΟΝΝΩΝ ΕΛΑΙΟΛΑΔΟΥ

ΑΘΗΝΑΙ, 21.— Κατά πληροφορίας εκ των αρμοδίων υπηρεσιών, αι σχετικαί διατάξεις θα τεθούν εις ισχύν από της προσεχούς εβδομάδος. Η απόφασις εξεδόθη κατόπιν μακράς συσκέψεως των αρμοδίων υπουργών.

Ο ΠΡΕΣΒΥΣ ΤΗΣ ΓΑΛΛΙΑΣ ΕΠΕΣΚΕΦΘΗ ΤΟΝ Κ. ΑΛΛΕΝ

ΑΘΗΝΑΙ, 21.— Κατά πληροφορίας εκ των αρμοδίων υπηρεσιών, αι σχετικαί διατάξεις θα τεθούν εις ισχύν από της προσεχούς εβδομάδος. Η απόφασις εξεδόθη κατόπιν μακράς συσκέψεως των αρμοδίων υπουργών.

ΑΥΞΑΝΕΤΑΙ ΤΟ ΠΟΣΟΣΤΟΝ ΠΡΟΣΜΙΞΕΩΣ ΣΙΤΟΥ

ΑΘΗΝΑΙ, 21.— Κατά πληροφορίας εκ των αρμοδίων υπηρεσιών, αι σχετικαί διατάξεις θα τεθούν εις ισχύν από της προσεχούς εβδομάδος. Η απόφασις εξεδόθη κατόπιν μακράς συσκέψεως των αρμοδίων υπουργών.

ΤΟ «ΑΘΩΣ» ΕΔΗΜΕΥΘΗ

ΑΘΗΝΑΙ, 21.— Κατά πληροφορίας εκ των αρμοδίων υπηρεσιών, αι σχετικαί διατάξεις θα τεθούν εις ισχύν από της προσεχούς εβδομάδος. Η απόφασις εξεδόθη κατόπιν μακράς συσκέψεως των αρμοδίων υπουργών.

ΠΥΡΚΑΙΑ ΕΙΣ ΣΙΤΗΡΑ

ΑΘΗΝΑΙ, 21.— Κατά πληροφορίας εκ των αρμοδίων υπηρεσιών, αι σχετικαί διατάξεις θα τεθούν εις ισχύν από της προσεχούς εβδομάδος. Η απόφασις εξεδόθη κατόπιν μακράς συσκέψεως των αρμοδίων υπουργών.

ΕΞΑΓΩΓΗ ΓΕΡΜΑΝΙΑΝ

ΑΘΗΝΑΙ, 21.— Κατά πληροφορίας εκ των αρμοδίων υπηρεσιών, αι σχετικαί διατάξεις θα τεθούν εις ισχύν από της προσεχούς εβδομάδος. Η απόφασις εξεδόθη κατόπιν μακράς συσκέψεως των αρμοδίων υπουργών.

Η 44Η ΕΠΕΤΕΙΟΣ ΤΗΣ ΜΑΧΗΣ ΤΟΥ ΚΙΛΚΙΣ

Νεάνιδες με τοπικάς και αρχαϊκάς ενδυμασίας, αι οποίαι έλαβον μέρος εις τον χθεσινόν εορτασμόν του Κιλκίς.

ΚΙΛΚΙΣ, 21.— Η 44η επέτειος της Μάχης του Κιλκίς εωρτάσθη πανηγυρικώς. Εις την δοξολογίαν παρέστησαν αι αρχαί, αντιπροσωπεία του στρατού και πλήθος κόσμου. Ακολούθως εγένετο κατάθεσις στεφάνων εις το Ηρώον και παρέλασις των τμημάτων.

ΚΙΛΚΙΣ, 21.— Η 44η επέτειος της Μάχης του Κιλκίς εωρτάσθη πανηγυρικώς. Εις την δοξολογίαν παρέστησαν αι αρχαί, αντιπροσωπεία του στρατού και πλήθος κόσμου. Ακολούθως εγένετο κατάθεσις στεφάνων εις το Ηρώον και παρέλασις των τμημάτων.

ΚΙΛΚΙΣ, 21.— Η 44η επέτειος της Μάχης του Κιλκίς εωρτάσθη πανηγυρικώς. Εις την δοξολογίαν παρέστησαν αι αρχαί, αντιπροσωπεία του στρατού και πλήθος κόσμου. Ακολούθως εγένετο κατάθεσις στεφάνων εις το Ηρώον και παρέλασις των τμημάτων.

ΟΙ ΚΕΡΔΙΖΟΝΤΕΣ ΑΡΙΘΜΟΙ ΤΟΥ ΕΘΝΙΚΟΥ ΛΑΧΕΙΟΥ
Εις την Θεσσαλονίκην ο πρώτος

ΑΘΗΝΑΙ, 21.— Εις την αίθουσαν του κληρώσεων του Εθνικού Λαχείου εγένετο σήμερον η κλήρωσις. Εκέρδισαν οι εξής αριθμοί:

Από 100.000 δραχμάς εκέρδισαν οι αριθμοί:

Από 20.000 δραχμάς εκέρδισαν οι αριθμοί:

Εξεδόθησαν επίσης 780 αριθμοί κερδίζοντες από 4.000 δραχμάς.

12329	13033	15302	17710	18458
19103	21053	25914	25488	26087
29523	34141	33058	35539	37599
38499	41592	48436	52670	56534
56538	62123	72403	75055	74305
74056
3186	5932	7856	12016	16144
18501	19565	19605	24454	26623
27487	31359	32359	32908	34689
37988	40509	42943	48860	46355
50545	47863	51053	55137	56116
56173	58257	54621	54961	57978
55579	59706	61655	63765	69403
74986
1960	20625	21910	22780	33209
48465	52147	57599	62802	71960
22785	29648	33781	37421	40282
44854	46685	57434	64132	64207
68760
ΤΥΧΗΡΟΙ ΕΙΣ ΘΕΣΣΑΛΟΝΙΚΗΝ

Ο λαχνός 7032 κερδίσας 100.000 δραχμάς επωλήθη εις Θεσσαλονίκην υπό του λαχειοπώλου κ. Σωτηρίου.

ΚΑΤΕΔΙΚΑΣΘΗ ΕΙΣ ΤΡΙΩΝ ΕΤΩΝ ΦΥΛΑΚΙΣΙΝ Ο ΑΙΜΟΜΙΚΤΗΣ ΠΑΤΗΡ ΤΟΥ ΜΑΚΡΥΧΩΡΙΟΥ
ΑΠΕΚΤΗΣΕ ΤΕΚΝΟΝ ΜΕΤΑ ΤΗΣ ΚΟΡΗΣ ΤΟΥ

ΚΑΒΑΛΑ, 21.— Υπό του τριμελούς πλημμελειοδικείου κατεδικάσθη εις τριετή φυλάκισιν ο κάτοικος του Μακρυχωρίου διά αιμομιξίαν. Ο κατηγορούμενος απέκτησε τέκνον μετά της θυγατρός του.

ΚΑΒΑΛΑ, 21.— Υπό του τριμελούς πλημμελειοδικείου κατεδικάσθη εις τριετή φυλάκισιν ο κάτοικος του Μακρυχωρίου διά αιμομιξίαν. Ο κατηγορούμενος απέκτησε τέκνον μετά της θυγατρός του.

ΚΑΒΑΛΑ, 21.— Υπό του τριμελούς πλημμελειοδικείου κατεδικάσθη εις τριετή φυλάκισιν ο κάτοικος του Μακρυχωρίου διά αιμομιξίαν. Ο κατηγορούμενος απέκτησε τέκνον μετά της θυγατρός του.

ΚΑΒΑΛΑ, 21.— Υπό του τριμελούς πλημμελειοδικείου κατεδικάσθη εις τριετή φυλάκισιν ο κάτοικος του Μακρυχωρίου διά αιμομιξίαν. Ο κατηγορούμενος απέκτησε τέκνον μετά της θυγατρός του.

ΣΠΕΙΡΑ ΔΙΑΡΡΗΚΤΩΝ ΕΚ ΝΕΑΡΩΝ ΜΑΘΗΤΩΝ ΣΥΝΕΛΗΦΘΗ ΔΡΩΣΑ ΕΙΣ ΤΗΝ ΑΓΙΑΝ ΤΡΙΑΔΑ ΜΕΤΑ ΤΟΥΣ ΜΑΘΗΤΑΣ ΚΛΕΠΤΑΣ ΠΟΔΗΛΑΤΩΝ

Μετά τας γνωστάς κλοπάς ποδηλάτων υπό μαθητών, η αστυνομία συνέλαβε σπείραν διαρρηκτών απαρτιζομένην εκ νεαρών μαθητών, οι οποίοι διέπραξαν σειράν διαρρήξεων εις την περιοχήν της Αγίας Τριάδος.

Μετά τας γνωστάς κλοπάς ποδηλάτων υπό μαθητών, η αστυνομία συνέλαβε σπείραν διαρρηκτών απαρτιζομένην εκ νεαρών μαθητών, οι οποίοι διέπραξαν σειράν διαρρήξεων εις την περιοχήν της Αγίας Τριάδος.

Μετά τας γνωστάς κλοπάς ποδηλάτων υπό μαθητών, η αστυνομία συνέλαβε σπείραν διαρρηκτών απαρτιζομένην εκ νεαρών μαθητών, οι οποίοι διέπραξαν σειράν διαρρήξεων εις την περιοχήν της Αγίας Τριάδος.

Μετά τας γνωστάς κλοπάς ποδηλάτων υπό μαθητών, η αστυνομία συνέλαβε σπείραν διαρρηκτών απαρτιζομένην εκ νεαρών μαθητών, οι οποίοι διέπραξαν σειράν διαρρήξεων εις την περιοχήν της Αγίας Τριάδος.

ΜΕΤΑΘΕΣΕΙΣ ΕΦΟΡΙΑΚΩΝ ΥΠΑΛΛΗΛΩΝ

ΑΘΗΝΑΙ, 21.— Διά Β.Δ. της 7ης Ιουνίου μετατίθενται οι κάτωθι εφοριακοί υπάλληλοι: Οικονομικοί έφοροι Β΄ τάξεως, Οικονομικοί έφοροι Γ΄ τάξεως και λοιποί υπάλληλοι εις διαφόρους εφορίας της Μακεδονίας και της Θράκης.

ΑΘΗΝΑΙ, 21.— Διά Β.Δ. της 7ης Ιουνίου μετατίθενται οι κάτωθι εφοριακοί υπάλληλοι: Οικονομικοί έφοροι Β΄ τάξεως, Οικονομικοί έφοροι Γ΄ τάξεως και λοιποί υπάλληλοι εις διαφόρους εφορίας της Μακεδονίας και της Θράκης.

ΑΘΗΝΑΙ, 21.— Διά Β.Δ. της 7ης Ιουνίου μετατίθενται οι κάτωθι εφοριακοί υπάλληλοι: Οικονομικοί έφοροι Β΄ τάξεως, Οικονομικοί έφοροι Γ΄ τάξεως και λοιποί υπάλληλοι εις διαφόρους εφορίας της Μακεδονίας και της Θράκης.

ΕΙΔΗΣΕΙΣ ΕΞ ΑΘΗΝΩΝ

ΑΘΗΝΑΙ, 21.— Το δυτικόν πανεπιστήμιον συνεφώνησε την ανταλλαγήν φοιτητών. Επίσης το υπουργείον παιδείας ανεκοίνωσεν ότι αι εξετάσεις θα αρχίσουν την 1ην Ιουλίου.

ΑΘΗΝΑΙ, 21.— Το δυτικόν πανεπιστήμιον συνεφώνησε την ανταλλαγήν φοιτητών. Επίσης το υπουργείον παιδείας ανεκοίνωσεν ότι αι εξετάσεις θα αρχίσουν την 1ην Ιουλίου.

ΑΘΗΝΑΙ, 21.— Το δυτικόν πανεπιστήμιον συνεφώνησε την ανταλλαγήν φοιτητών. Επίσης το υπουργείον παιδείας ανεκοίνωσεν ότι αι εξετάσεις θα αρχίσουν την 1ην Ιουλίου.

ΜΙΚΡΑ ΕΓΧΩΡΙΑ ΝΕΑ

Το ΕΒΕΘ διά τηλεγραφήματός του προς τον υπουργόν εμπορίου ζητεί την άρσιν των περιορισμών επί των εισαγωγών. Επίσης ο Οργανισμός Λιμένος ανακοινοί την επισκευήν των προκυμαιών.

Το ΕΒΕΘ διά τηλεγραφήματός του προς τον υπουργόν εμπορίου ζητεί την άρσιν των περιορισμών επί των εισαγωγών. Επίσης ο Οργανισμός Λιμένος ανακοινοί την επισκευήν των προκυμαιών.

Το ΕΒΕΘ διά τηλεγραφήματός του προς τον υπουργόν εμπορίου ζητεί την άρσιν των περιορισμών επί των εισαγωγών. Επίσης ο Οργανισμός Λιμένος ανακοινοί την επισκευήν των προκυμαιών.
